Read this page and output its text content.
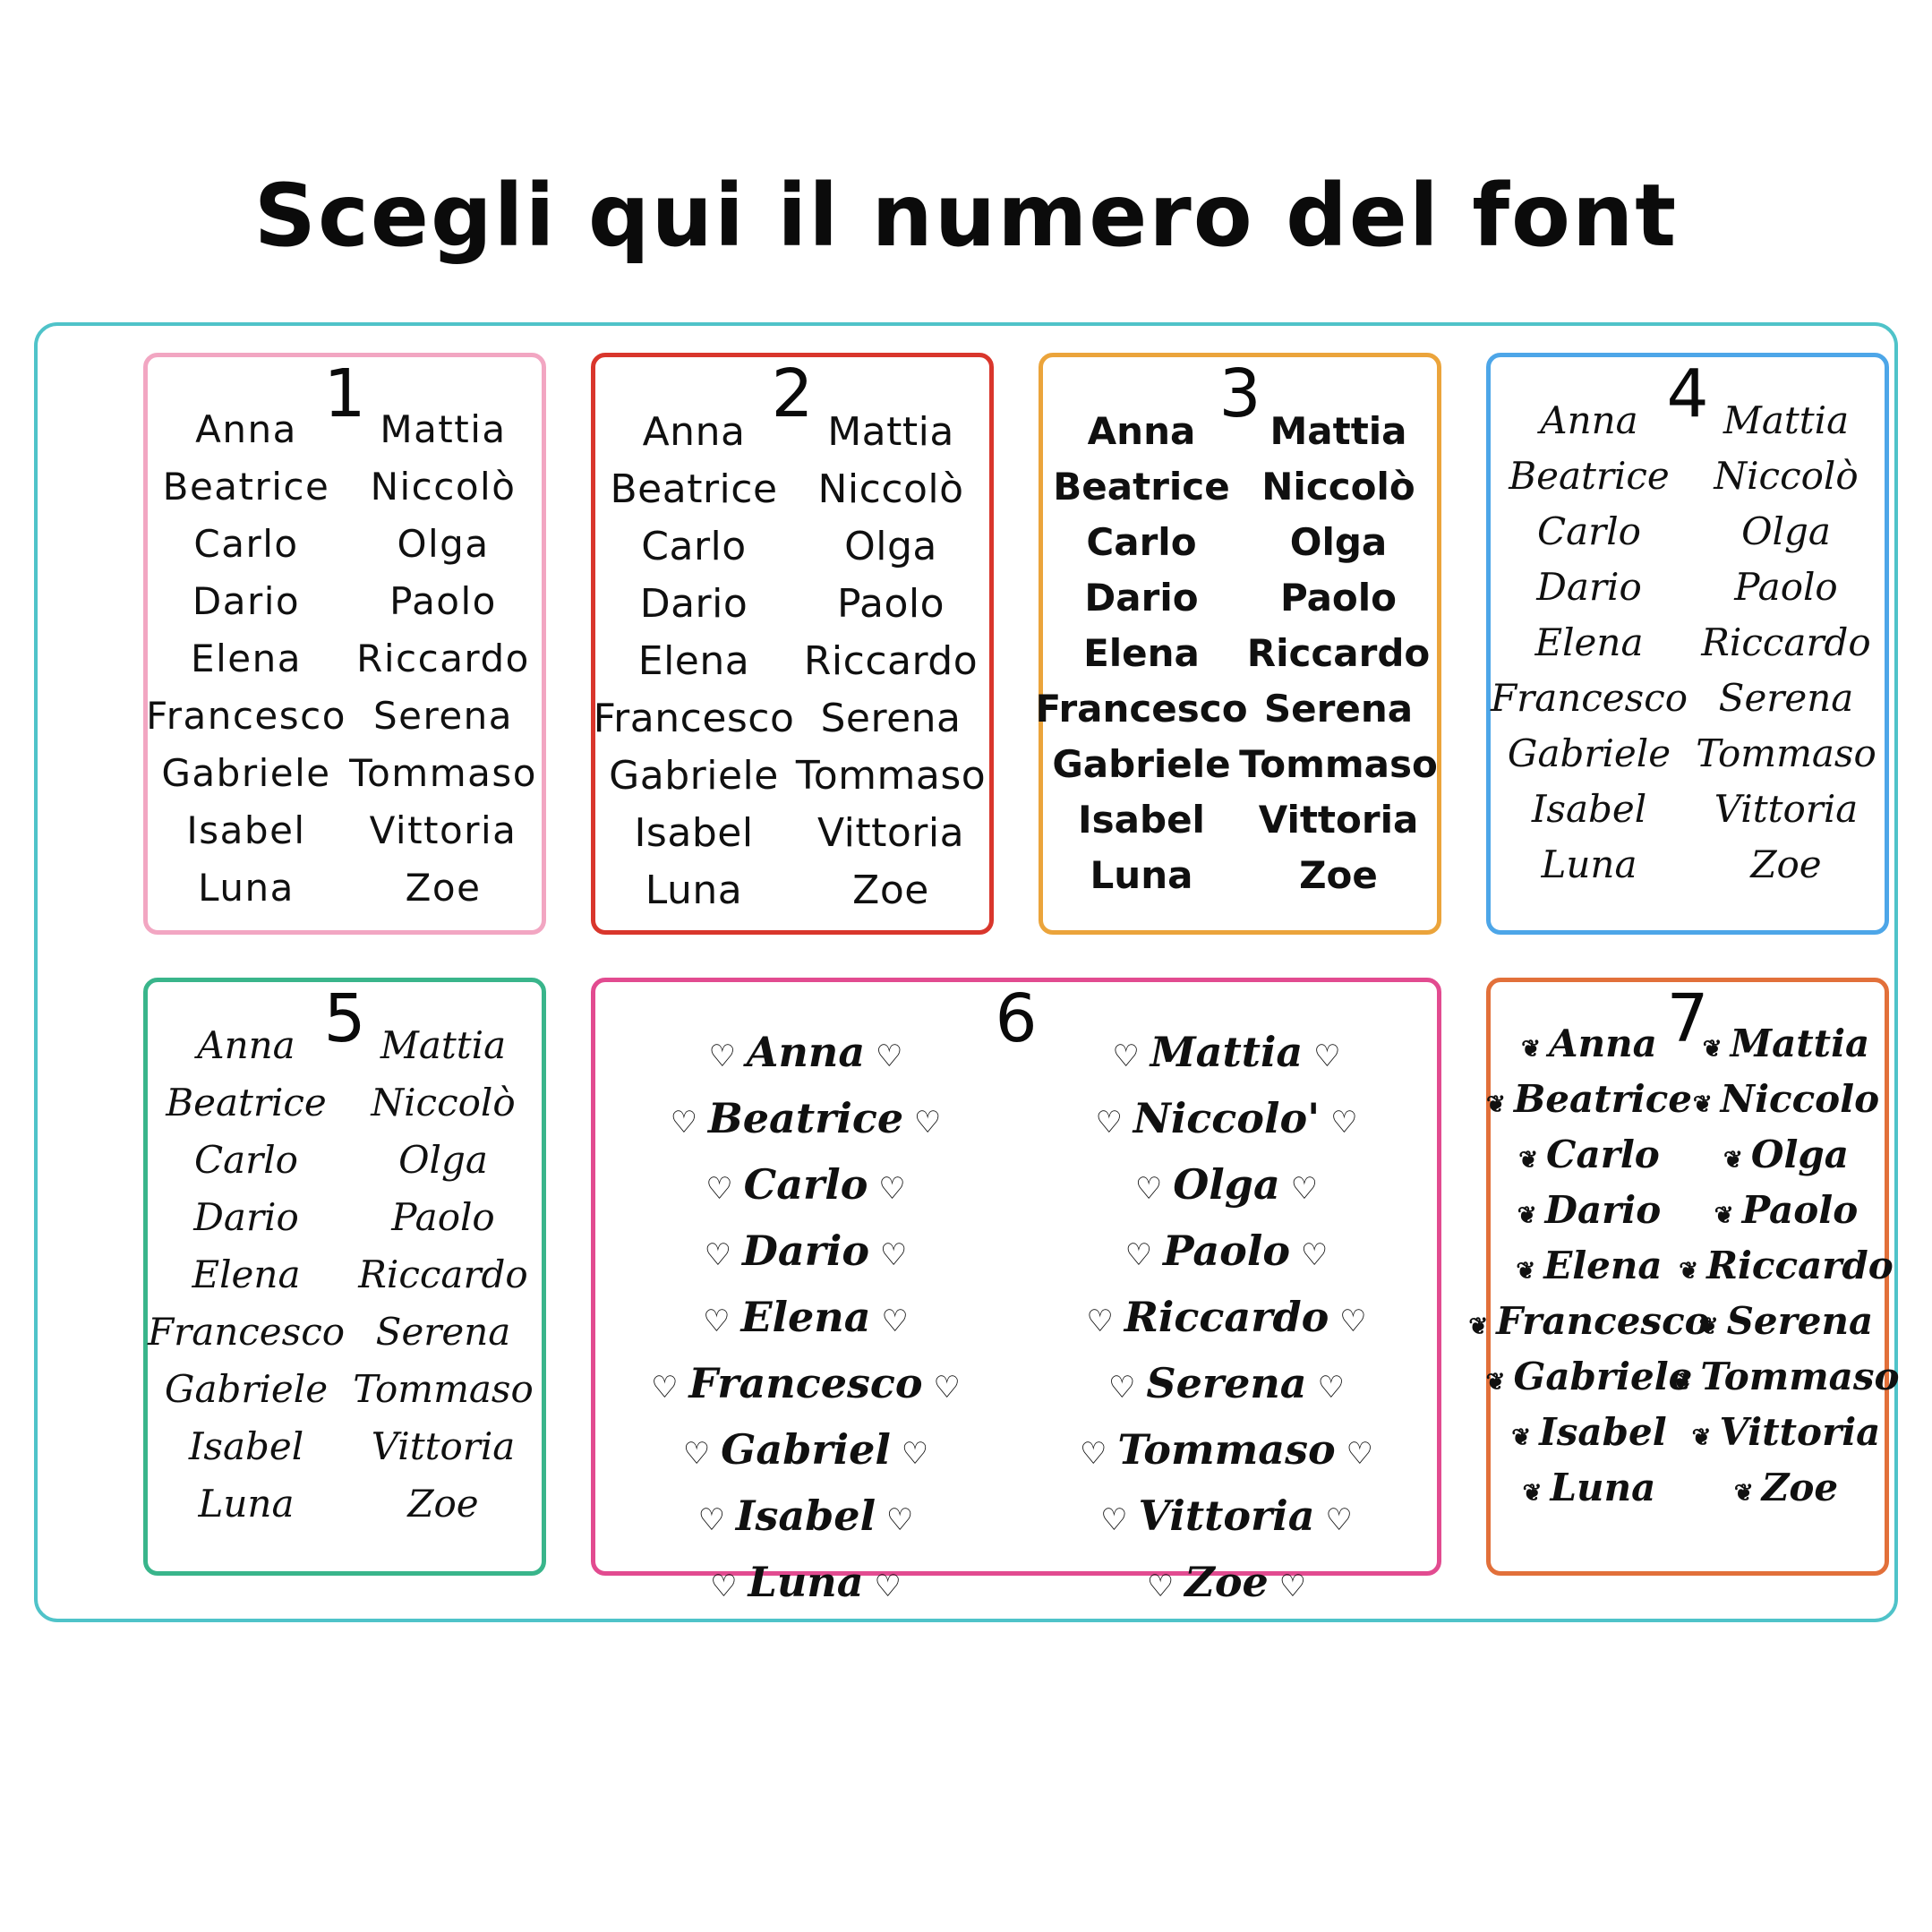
Scegli qui il numero del font
1
Anna
Beatrice
Carlo
Dario
Elena
Francesco
Gabriele
Isabel
Luna
Mattia
Niccolò
Olga
Paolo
Riccardo
Serena
Tommaso
Vittoria
Zoe
2
Anna
Beatrice
Carlo
Dario
Elena
Francesco
Gabriele
Isabel
Luna
Mattia
Niccolò
Olga
Paolo
Riccardo
Serena
Tommaso
Vittoria
Zoe
3
Anna
Beatrice
Carlo
Dario
Elena
Francesco
Gabriele
Isabel
Luna
Mattia
Niccolò
Olga
Paolo
Riccardo
Serena
Tommaso
Vittoria
Zoe
4
Anna
Beatrice
Carlo
Dario
Elena
Francesco
Gabriele
Isabel
Luna
Mattia
Niccolò
Olga
Paolo
Riccardo
Serena
Tommaso
Vittoria
Zoe
5
Anna
Beatrice
Carlo
Dario
Elena
Francesco
Gabriele
Isabel
Luna
Mattia
Niccolò
Olga
Paolo
Riccardo
Serena
Tommaso
Vittoria
Zoe
6
♡ Anna ♡
♡ Beatrice ♡
♡ Carlo ♡
♡ Dario ♡
♡ Elena ♡
♡ Francesco ♡
♡ Gabriel ♡
♡ Isabel ♡
♡ Luna ♡
♡ Mattia ♡
♡ Niccolo' ♡
♡ Olga ♡
♡ Paolo ♡
♡ Riccardo ♡
♡ Serena ♡
♡ Tommaso ♡
♡ Vittoria ♡
♡ Zoe ♡
7
❦ Anna
❦ Beatrice
❦ Carlo
❦ Dario
❦ Elena
❦ Francesco
❦ Gabriele
❦ Isabel
❦ Luna
❦ Mattia
❦ Niccolo
❦ Olga
❦ Paolo
❦ Riccardo
❦ Serena
❦ Tommaso
❦ Vittoria
❦ Zoe
